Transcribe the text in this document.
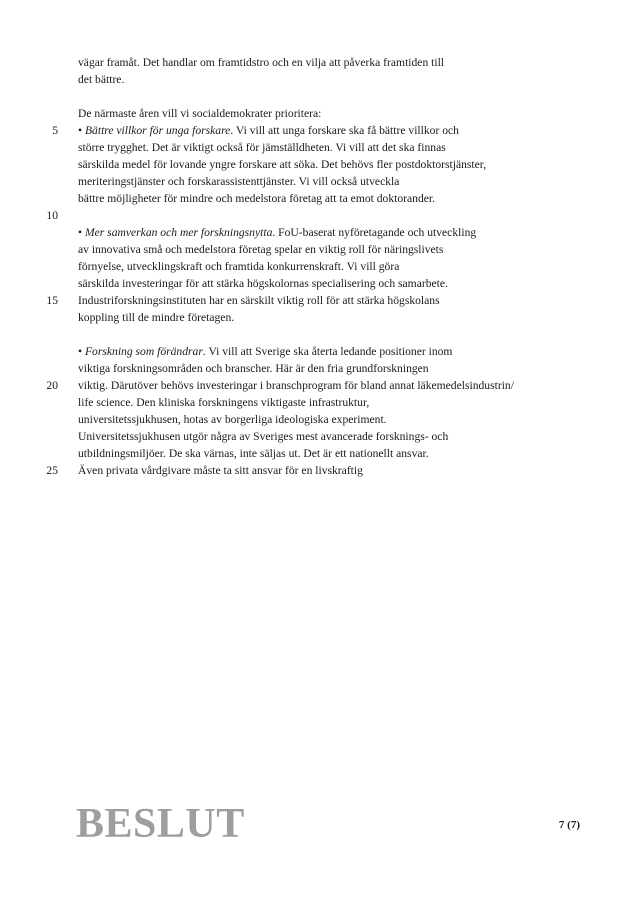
vägar framåt. Det handlar om framtidstro och en vilja att påverka framtiden till
det bättre.
De närmaste åren vill vi socialdemokrater prioritera:
• Bättre villkor för unga forskare. Vi vill att unga forskare ska få bättre villkor och
större trygghet. Det är viktigt också för jämställdheten. Vi vill att det ska finnas
särskilda medel för lovande yngre forskare att söka. Det behövs fler postdoktorstjänster,
meriteringstjänster och forskarassistenttjänster. Vi vill också utveckla
bättre möjligheter för mindre och medelstora företag att ta emot doktorander.
• Mer samverkan och mer forskningsnytta. FoU-baserat nyföretagande och utveckling
av innovativa små och medelstora företag spelar en viktig roll för näringslivets
förnyelse, utvecklingskraft och framtida konkurrenskraft. Vi vill göra
särskilda investeringar för att stärka högskolornas specialisering och samarbete.
Industriforskningsinstituten har en särskilt viktig roll för att stärka högskolans
koppling till de mindre företagen.
• Forskning som förändrar. Vi vill att Sverige ska återta ledande positioner inom
viktiga forskningsområden och branscher. Här är den fria grundforskningen
viktig. Därutöver behövs investeringar i branschprogram för bland annat läkemedelsindustrin/
life science. Den kliniska forskningens viktigaste infrastruktur,
universitetssjukhusen, hotas av borgerliga ideologiska experiment.
Universitetssjukhusen utgör några av Sveriges mest avancerade forsknings- och
utbildningsmiljöer. De ska värnas, inte säljas ut. Det är ett nationellt ansvar.
Även privata vårdgivare måste ta sitt ansvar för en livskraftig
5
10
15
20
25
BESLUT	7 (7)
